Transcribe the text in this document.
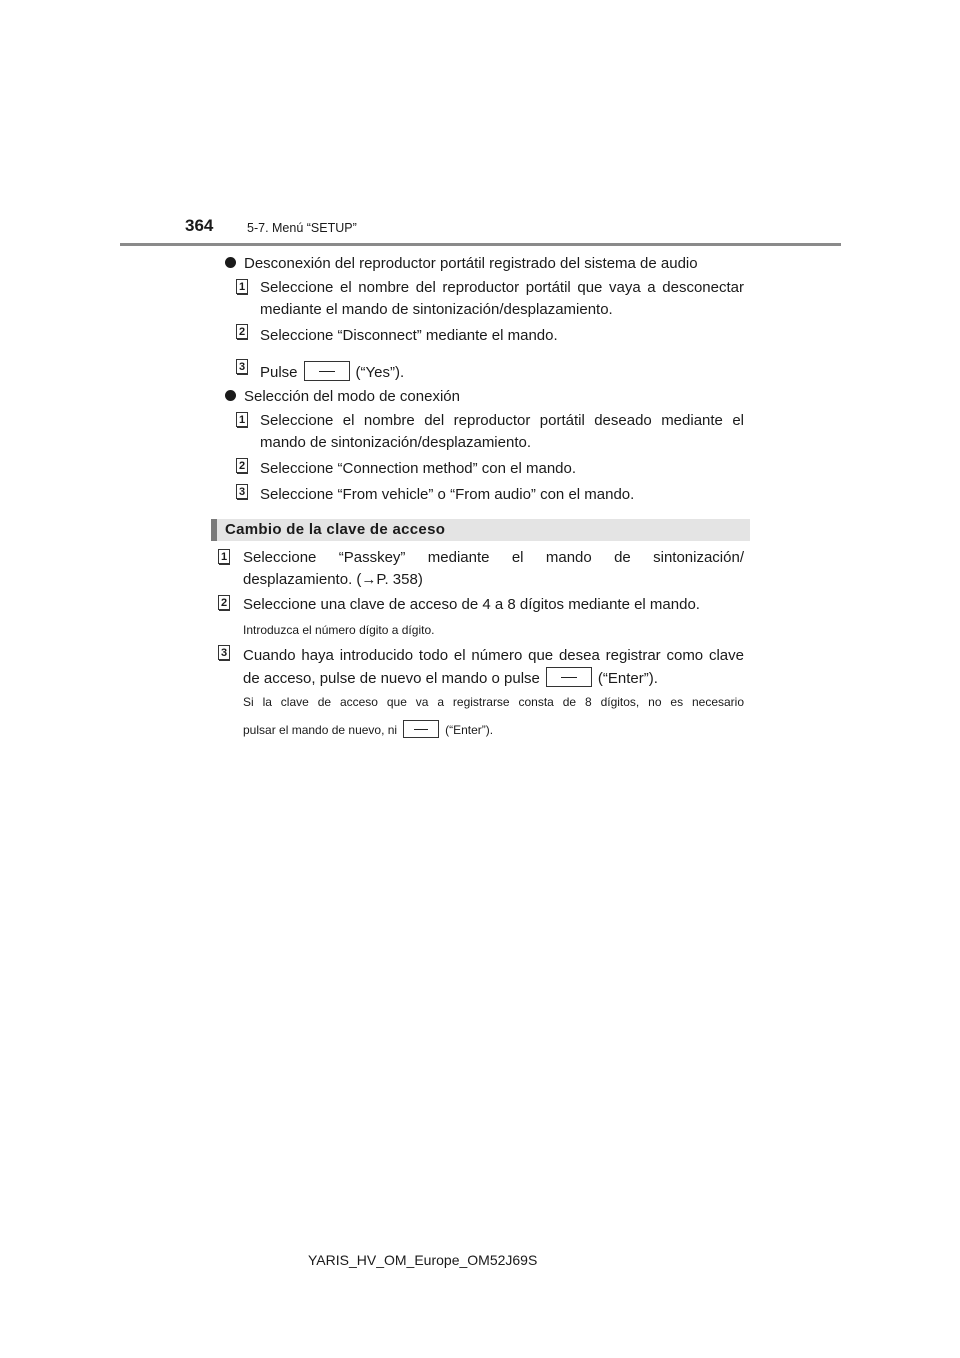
364	5-7. Menú “SETUP”
Desconexión del reproductor portátil registrado del sistema de audio
1 Seleccione el nombre del reproductor portátil que vaya a desconectar
mediante el mando de sintonización/desplazamiento.
2 Seleccione “Disconnect” mediante el mando.
3 Pulse	(“Yes”).
Selección del modo de conexión
1 Seleccione el nombre del reproductor portátil deseado mediante el
mando de sintonización/desplazamiento.
2 Seleccione “Connection method” con el mando.
3 Seleccione “From vehicle” o “From audio” con el mando.
Cambio de la clave de acceso
1 Seleccione “Passkey” mediante el mando de sintonización/
desplazamiento. (→P. 358)
2 Seleccione una clave de acceso de 4 a 8 dígitos mediante el mando.
Introduzca el número dígito a dígito.
3 Cuando haya introducido todo el número que desea registrar como clave
de acceso, pulse de nuevo el mando o pulse	(“Enter”).
Si la clave de acceso que va a registrarse consta de 8 dígitos, no es necesario
pulsar el mando de nuevo, ni	(“Enter”).
YARIS_HV_OM_Europe_OM52J69S
